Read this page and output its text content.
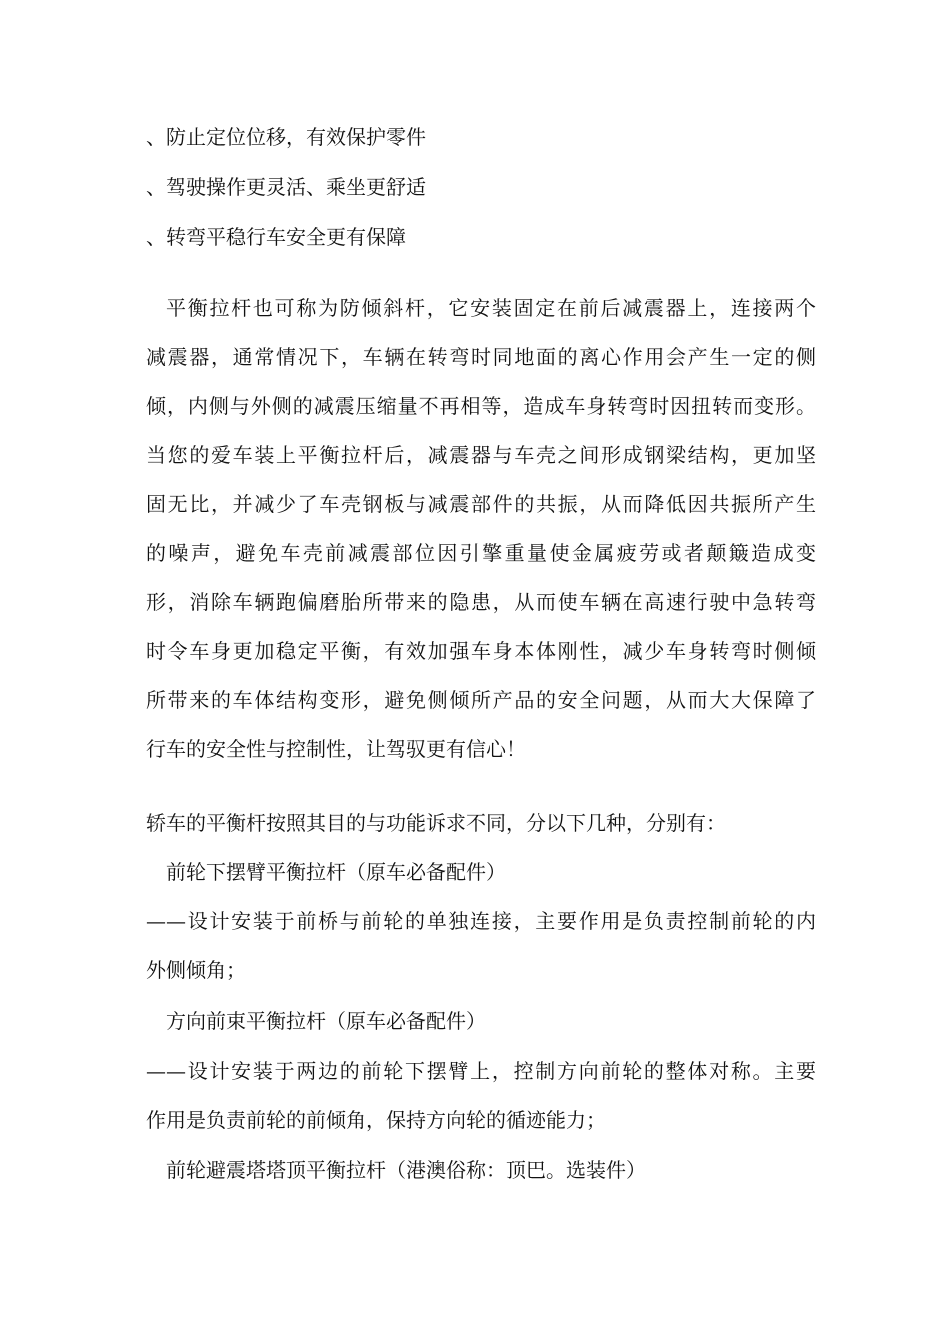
、防止定位位移，有效保护零件
、驾驶操作更灵活、乘坐更舒适
、转弯平稳行车安全更有保障
平衡拉杆也可称为防倾斜杆，它安装固定在前后减震器上，连接两个
减震器，通常情况下，车辆在转弯时同地面的离心作用会产生一定的侧
倾，内侧与外侧的减震压缩量不再相等，造成车身转弯时因扭转而变形。
当您的爱车装上平衡拉杆后，减震器与车壳之间形成钢梁结构，更加坚
固无比，并减少了车壳钢板与减震部件的共振，从而降低因共振所产生
的噪声，避免车壳前减震部位因引擎重量使金属疲劳或者颠簸造成变
形，消除车辆跑偏磨胎所带来的隐患，从而使车辆在高速行驶中急转弯
时令车身更加稳定平衡，有效加强车身本体刚性，减少车身转弯时侧倾
所带来的车体结构变形，避免侧倾所产品的安全问题，从而大大保障了
行车的安全性与控制性，让驾驭更有信心！
轿车的平衡杆按照其目的与功能诉求不同，分以下几种，分别有：
前轮下摆臂平衡拉杆（原车必备配件）
——设计安装于前桥与前轮的单独连接，主要作用是负责控制前轮的内
外侧倾角；
方向前束平衡拉杆（原车必备配件）
——设计安装于两边的前轮下摆臂上，控制方向前轮的整体对称。主要
作用是负责前轮的前倾角，保持方向轮的循迹能力；
前轮避震塔塔顶平衡拉杆（港澳俗称：顶巴。选装件）
